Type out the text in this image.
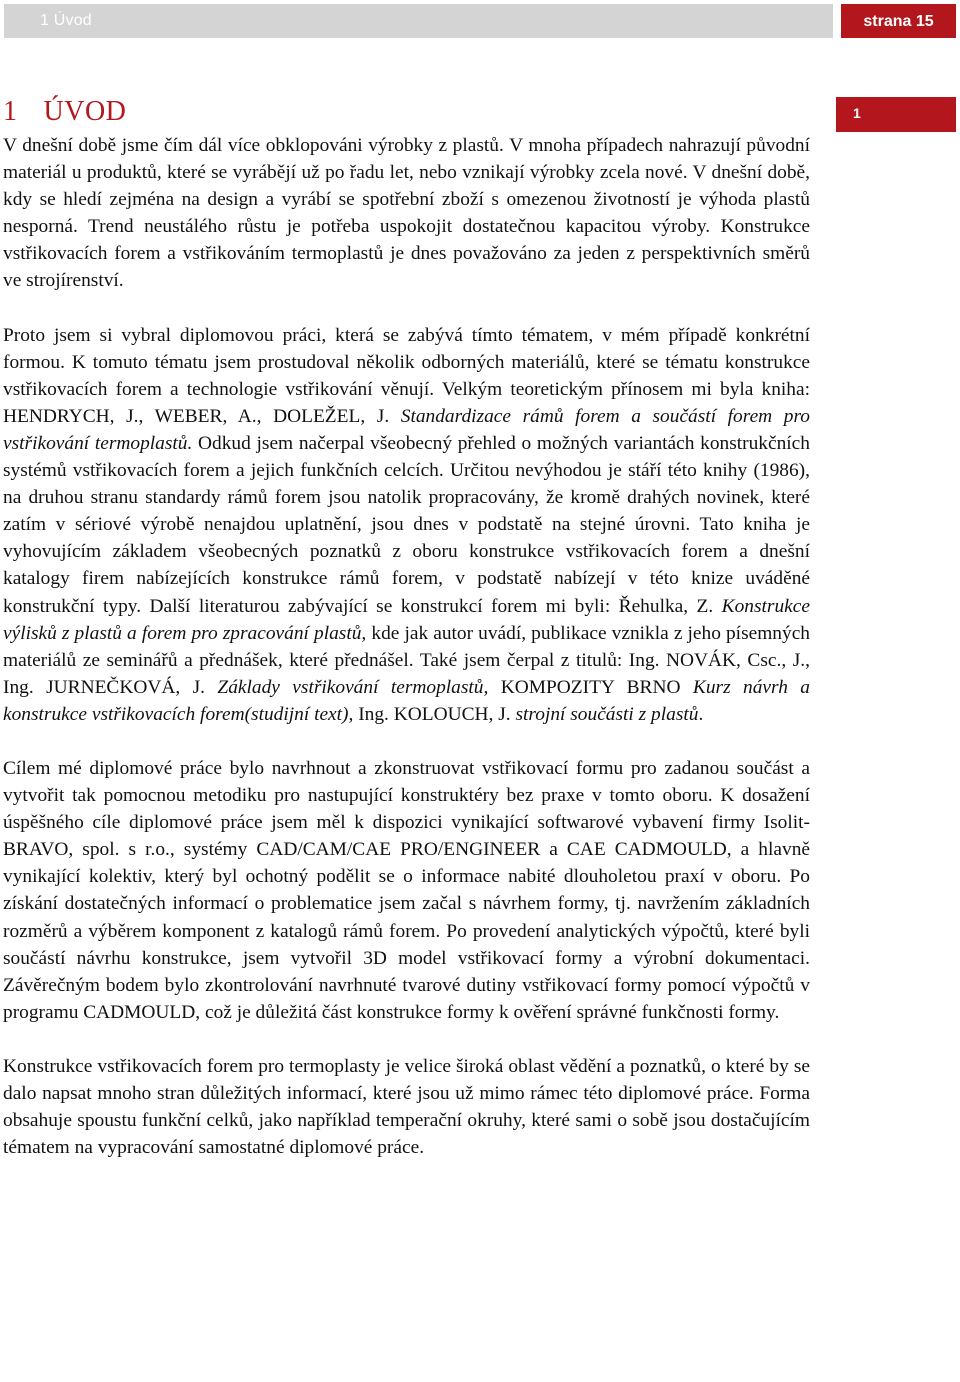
1 Úvod	strana 15
1
1 ÚVOD

V dnešní době jsme čím dál více obklopováni výrobky z plastů. V mnoha případech nahrazují původní materiál u produktů, které se vyrábějí už po řadu let, nebo vznikají výrobky zcela nové. V dnešní době, kdy se hledí zejména na design a vyrábí se spotřební zboží s omezenou životností je výhoda plastů nesporná. Trend neustálého růstu je potřeba uspokojit dostatečnou kapacitou výroby. Konstrukce vstřikovacích forem a vstřikováním termoplastů je dnes považováno za jeden z perspektivních směrů ve strojírenství.

Proto jsem si vybral diplomovou práci, která se zabývá tímto tématem, v mém případě konkrétní formou. K tomuto tématu jsem prostudoval několik odborných materiálů, které se tématu konstrukce vstřikovacích forem a technologie vstřikování věnují. Velkým teoretickým přínosem mi byla kniha: HENDRYCH, J., WEBER, A., DOLEŽEL, J. Standardizace rámů forem a součástí forem pro vstřikování termoplastů. Odkud jsem načerpal všeobecný přehled o možných variantách konstrukčních systémů vstřikovacích forem a jejich funkčních celcích. Určitou nevýhodou je stáří této knihy (1986), na druhou stranu standardy rámů forem jsou natolik propracovány, že kromě drahých novinek, které zatím v sériové výrobě nenajdou uplatnění, jsou dnes v podstatě na stejné úrovni. Tato kniha je vyhovujícím základem všeobecných poznatků z oboru konstrukce vstřikovacích forem a dnešní katalogy firem nabízejících konstrukce rámů forem, v podstatě nabízejí v této knize uváděné konstrukční typy. Další literaturou zabývající se konstrukcí forem mi byli: Řehulka, Z. Konstrukce výlisků z plastů a forem pro zpracování plastů, kde jak autor uvádí, publikace vznikla z jeho písemných materiálů ze seminářů a přednášek, které přednášel. Také jsem čerpal z titulů: Ing. NOVÁK, Csc., J., Ing. JURNEČKOVÁ, J. Základy vstřikování termoplastů, KOMPOZITY BRNO Kurz návrh a konstrukce vstřikovacích forem(studijní text), Ing. KOLOUCH, J. strojní součásti z plastů.

Cílem mé diplomové práce bylo navrhnout a zkonstruovat vstřikovací formu pro zadanou součást a vytvořit tak pomocnou metodiku pro nastupující konstruktéry bez praxe v tomto oboru. K dosažení úspěšného cíle diplomové práce jsem měl k dispozici vynikající softwarové vybavení firmy Isolit-BRAVO, spol. s r.o., systémy CAD/CAM/CAE PRO/ENGINEER a CAE CADMOULD, a hlavně vynikající kolektiv, který byl ochotný podělit se o informace nabité dlouholetou praxí v oboru. Po získání dostatečných informací o problematice jsem začal s návrhem formy, tj. navržením základních rozměrů a výběrem komponent z katalogů rámů forem. Po provedení analytických výpočtů, které byli součástí návrhu konstrukce, jsem vytvořil 3D model vstřikovací formy a výrobní dokumentaci. Závěrečným bodem bylo zkontrolování navrhnuté tvarové dutiny vstřikovací formy pomocí výpočtů v programu CADMOULD, což je důležitá část konstrukce formy k ověření správné funkčnosti formy.

Konstrukce vstřikovacích forem pro termoplasty je velice široká oblast vědění a poznatků, o které by se dalo napsat mnoho stran důležitých informací, které jsou už mimo rámec této diplomové práce. Forma obsahuje spoustu funkční celků, jako například temperační okruhy, které sami o sobě jsou dostačujícím tématem na vypracování samostatné diplomové práce.
